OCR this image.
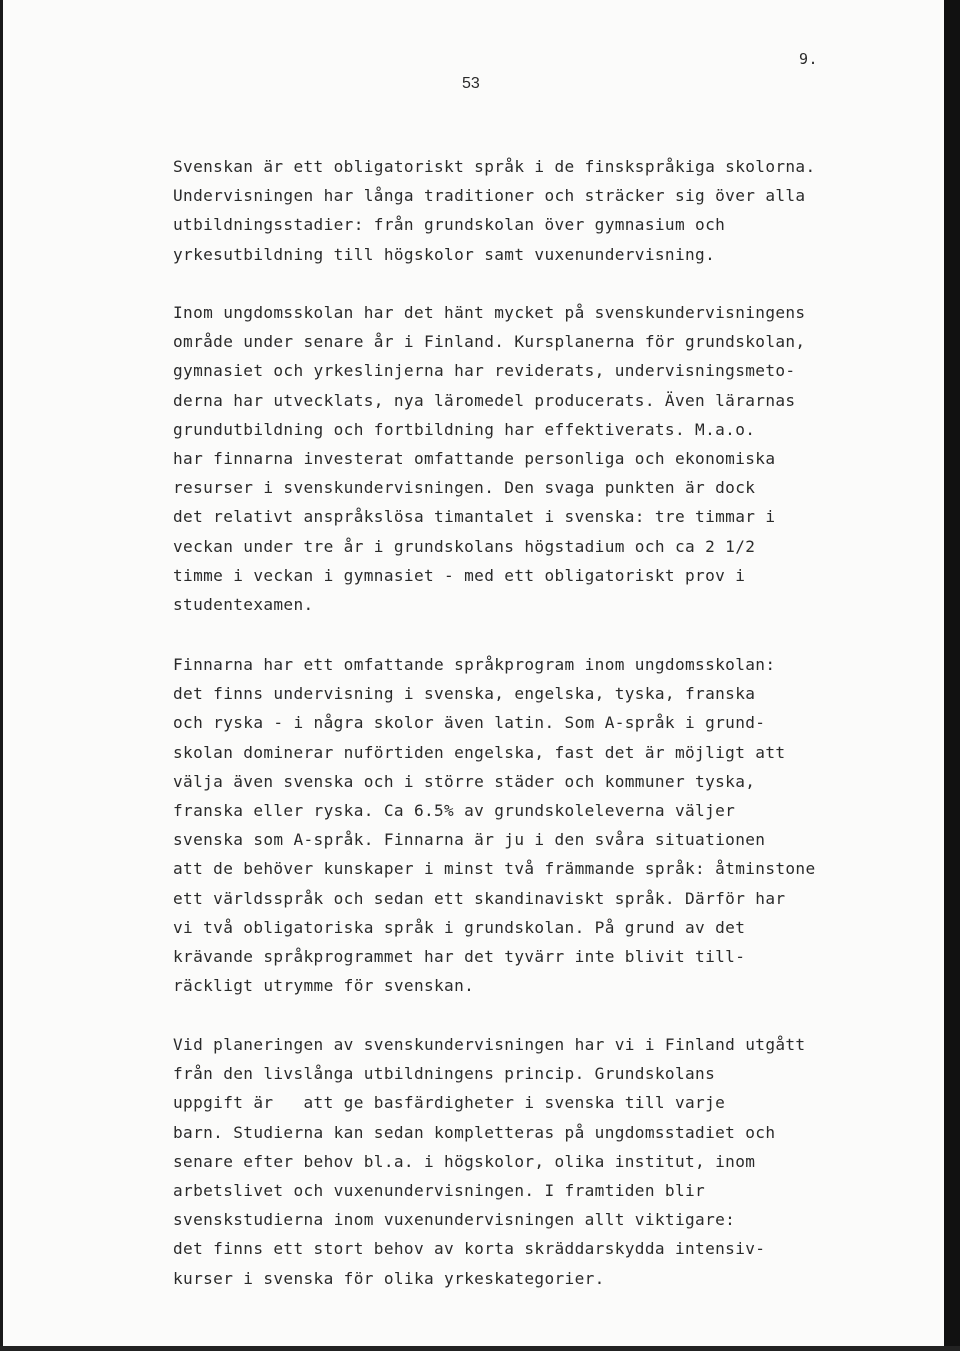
9.
53
Svenskan är ett obligatoriskt språk i de finskspråkiga skolorna.
Undervisningen har långa traditioner och sträcker sig över alla
utbildningsstadier: från grundskolan över gymnasium och
yrkesutbildning till högskolor samt vuxenundervisning.
Inom ungdomsskolan har det hänt mycket på svenskundervisningens
område under senare år i Finland. Kursplanerna för grundskolan,
gymnasiet och yrkeslinjerna har reviderats, undervisningsmeto-
derna har utvecklats, nya läromedel producerats. Även lärarnas
grundutbildning och fortbildning har effektiverats. M.a.o.
har finnarna investerat omfattande personliga och ekonomiska
resurser i svenskundervisningen. Den svaga punkten är dock
det relativt anspråkslösa timantalet i svenska: tre timmar i
veckan under tre år i grundskolans högstadium och ca 2 1/2
timme i veckan i gymnasiet - med ett obligatoriskt prov i
studentexamen.
Finnarna har ett omfattande språkprogram inom ungdomsskolan:
det finns undervisning i svenska, engelska, tyska, franska
och ryska - i några skolor även latin. Som A-språk i grund-
skolan dominerar nuförtiden engelska, fast det är möjligt att
välja även svenska och i större städer och kommuner tyska,
franska eller ryska. Ca 6.5% av grundskoleleverna väljer
svenska som A-språk. Finnarna är ju i den svåra situationen
att de behöver kunskaper i minst två främmande språk: åtminstone
ett världsspråk och sedan ett skandinaviskt språk. Därför har
vi två obligatoriska språk i grundskolan. På grund av det
krävande språkprogrammet har det tyvärr inte blivit till-
räckligt utrymme för svenskan.
Vid planeringen av svenskundervisningen har vi i Finland utgått
från den livslånga utbildningens princip. Grundskolans
uppgift är   att ge basfärdigheter i svenska till varje
barn. Studierna kan sedan kompletteras på ungdomsstadiet och
senare efter behov bl.a. i högskolor, olika institut, inom
arbetslivet och vuxenundervisningen. I framtiden blir
svenskstudierna inom vuxenundervisningen allt viktigare:
det finns ett stort behov av korta skräddarskydda intensiv-
kurser i svenska för olika yrkeskategorier.
